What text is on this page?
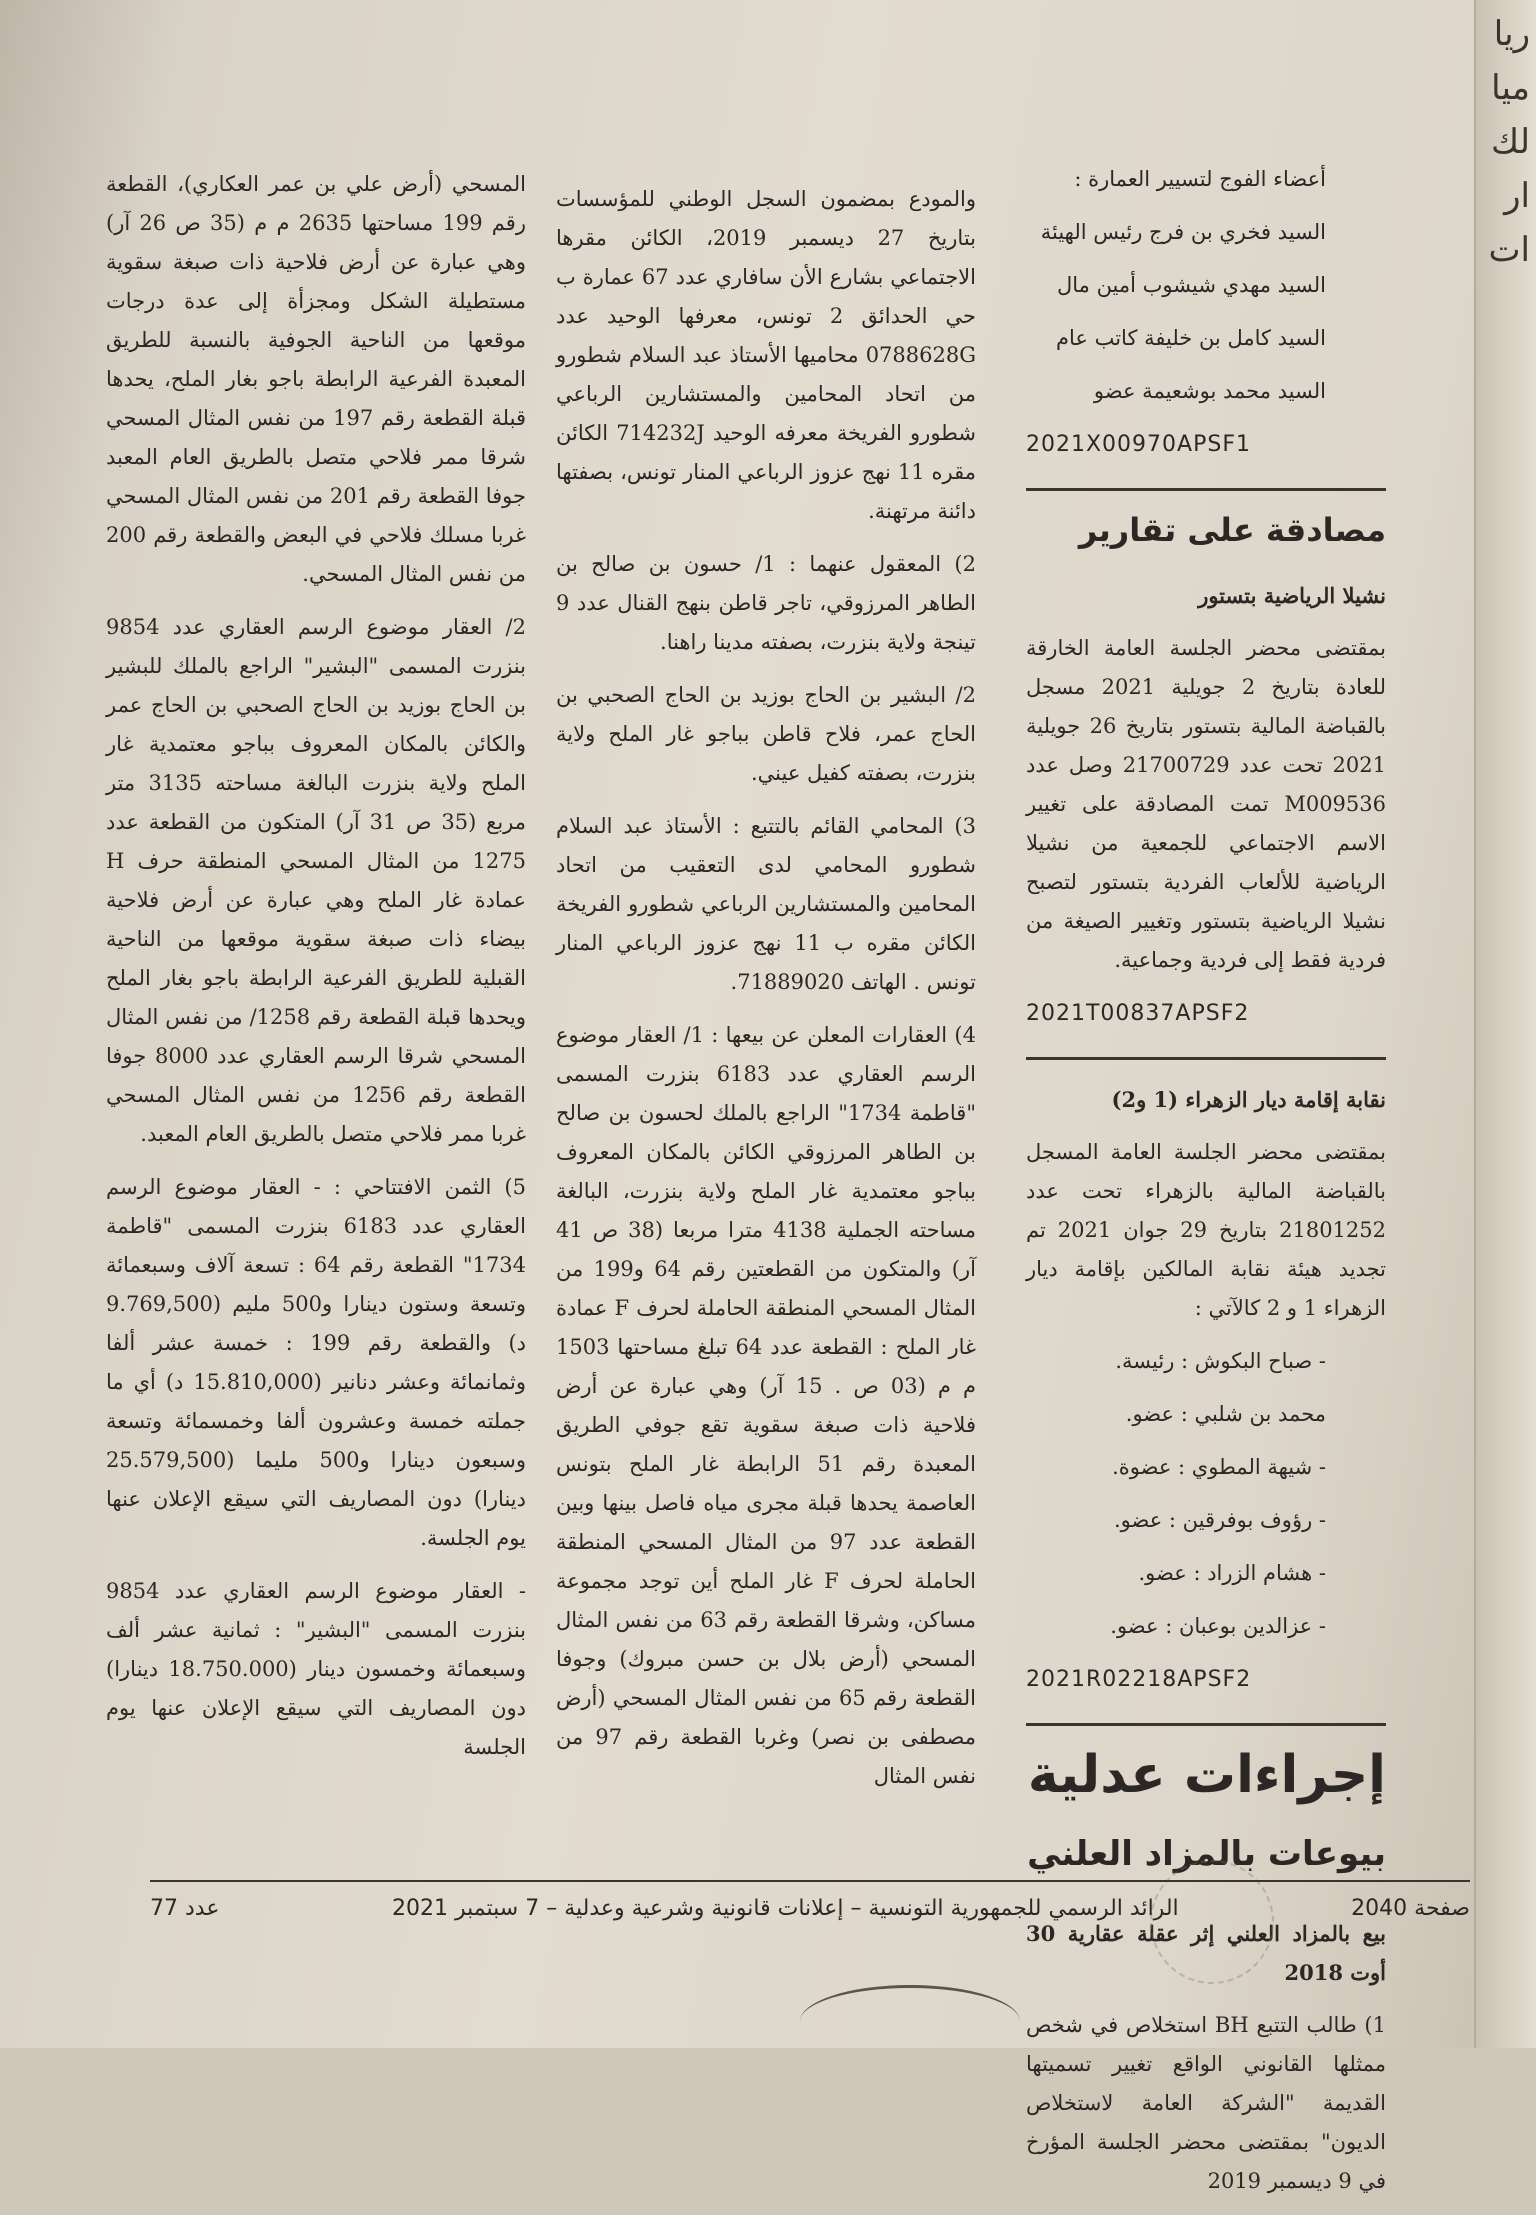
ريا
ميا
لك
ار
ات

أعضاء الفوج لتسيير العمارة :

السيد فخري بن فرج رئيس الهيئة

السيد مهدي شيشوب أمين مال

السيد كامل بن خليفة كاتب عام

السيد محمد بوشعيمة عضو

2021X00970APSF1
مصادقة على تقارير

نشيلا الرياضية بتستور

بمقتضى محضر الجلسة العامة الخارقة للعادة بتاريخ 2 جويلية 2021 مسجل بالقباضة المالية بتستور بتاريخ 26 جويلية 2021 تحت عدد 21700729 وصل عدد M009536 تمت المصادقة على تغيير الاسم الاجتماعي للجمعية من نشيلا الرياضية للألعاب الفردية بتستور لتصبح نشيلا الرياضية بتستور وتغيير الصيغة من فردية فقط إلى فردية وجماعية.

2021T00837APSF2

نقابة إقامة ديار الزهراء (1 و2)

بمقتضى محضر الجلسة العامة المسجل بالقباضة المالية بالزهراء تحت عدد 21801252 بتاريخ 29 جوان 2021 تم تجديد هيئة نقابة المالكين بإقامة ديار الزهراء 1 و 2 كالآتي :

- صباح البكوش : رئيسة.

محمد بن شلبي : عضو.

- شيهة المطوي : عضوة.

- رؤوف بوفرقين : عضو.

- هشام الزراد : عضو.

- عزالدين بوعبان : عضو.

2021R02218APSF2
إجراءات عدلية
بيوعات بالمزاد العلني

بيع بالمزاد العلني إثر عقلة عقارية 30 أوت 2018

1) طالب التتبع BH استخلاص في شخص ممثلها القانوني الواقع تغيير تسميتها القديمة "الشركة العامة لاستخلاص الديون" بمقتضى محضر الجلسة المؤرخ في 9 ديسمبر 2019

والمودع بمضمون السجل الوطني للمؤسسات بتاريخ 27 ديسمبر 2019، الكائن مقرها الاجتماعي بشارع الأن سافاري عدد 67 عمارة ب حي الحدائق 2 تونس، معرفها الوحيد عدد 0788628G محاميها الأستاذ عبد السلام شطورو من اتحاد المحامين والمستشارين الرباعي شطورو الفريخة معرفه الوحيد 714232J الكائن مقره 11 نهج عزوز الرباعي المنار تونس، بصفتها دائنة مرتهنة.

2) المعقول عنهما : 1/ حسون بن صالح بن الطاهر المرزوقي، تاجر قاطن بنهج القنال عدد 9 تينجة ولاية بنزرت، بصفته مدينا راهنا.

2/ البشير بن الحاج بوزيد بن الحاج الصحبي بن الحاج عمر، فلاح قاطن بباجو غار الملح ولاية بنزرت، بصفته كفيل عيني.

3) المحامي القائم بالتتبع : الأستاذ عبد السلام شطورو المحامي لدى التعقيب من اتحاد المحامين والمستشارين الرباعي شطورو الفريخة الكائن مقره ب 11 نهج عزوز الرباعي المنار تونس . الهاتف 71889020.

4) العقارات المعلن عن بيعها : 1/ العقار موضوع الرسم العقاري عدد 6183 بنزرت المسمى "قاطمة 1734" الراجع بالملك لحسون بن صالح بن الطاهر المرزوقي الكائن بالمكان المعروف بباجو معتمدية غار الملح ولاية بنزرت، البالغة مساحته الجملية 4138 مترا مربعا (38 ص 41 آر) والمتكون من القطعتين رقم 64 و199 من المثال المسحي المنطقة الحاملة لحرف F عمادة غار الملح : القطعة عدد 64 تبلغ مساحتها 1503 م م (03 ص . 15 آر) وهي عبارة عن أرض فلاحية ذات صبغة سقوية تقع جوفي الطريق المعبدة رقم 51 الرابطة غار الملح بتونس العاصمة يحدها قبلة مجرى مياه فاصل بينها وبين القطعة عدد 97 من المثال المسحي المنطقة الحاملة لحرف F غار الملح أين توجد مجموعة مساكن، وشرقا القطعة رقم 63 من نفس المثال المسحي (أرض بلال بن حسن مبروك) وجوفا القطعة رقم 65 من نفس المثال المسحي (أرض مصطفى بن نصر) وغربا القطعة رقم 97 من نفس المثال

المسحي (أرض علي بن عمر العكاري)، القطعة رقم 199 مساحتها 2635 م م (35 ص 26 آر) وهي عبارة عن أرض فلاحية ذات صبغة سقوية مستطيلة الشكل ومجزأة إلى عدة درجات موقعها من الناحية الجوفية بالنسبة للطريق المعبدة الفرعية الرابطة باجو بغار الملح، يحدها قبلة القطعة رقم 197 من نفس المثال المسحي شرقا ممر فلاحي متصل بالطريق العام المعبد جوفا القطعة رقم 201 من نفس المثال المسحي غربا مسلك فلاحي في البعض والقطعة رقم 200 من نفس المثال المسحي.

2/ العقار موضوع الرسم العقاري عدد 9854 بنزرت المسمى "البشير" الراجع بالملك للبشير بن الحاج بوزيد بن الحاج الصحبي بن الحاج عمر والكائن بالمكان المعروف بباجو معتمدية غار الملح ولاية بنزرت البالغة مساحته 3135 متر مربع (35 ص 31 آر) المتكون من القطعة عدد 1275 من المثال المسحي المنطقة حرف H عمادة غار الملح وهي عبارة عن أرض فلاحية بيضاء ذات صبغة سقوية موقعها من الناحية القبلية للطريق الفرعية الرابطة باجو بغار الملح ويحدها قبلة القطعة رقم 1258/ من نفس المثال المسحي شرقا الرسم العقاري عدد 8000 جوفا القطعة رقم 1256 من نفس المثال المسحي غربا ممر فلاحي متصل بالطريق العام المعبد.

5) الثمن الافتتاحي : - العقار موضوع الرسم العقاري عدد 6183 بنزرت المسمى "قاطمة 1734" القطعة رقم 64 : تسعة آلاف وسبعمائة وتسعة وستون دينارا و500 مليم (9.769,500 د) والقطعة رقم 199 : خمسة عشر ألفا وثمانمائة وعشر دنانير (15.810,000 د) أي ما جملته خمسة وعشرون ألفا وخمسمائة وتسعة وسبعون دينارا و500 مليما (25.579,500 دينارا) دون المصاريف التي سيقع الإعلان عنها يوم الجلسة.

- العقار موضوع الرسم العقاري عدد 9854 بنزرت المسمى "البشير" : ثمانية عشر ألف وسبعمائة وخمسون دينار (18.750.000 دينارا) دون المصاريف التي سيقع الإعلان عنها يوم الجلسة

عدد 77	الرائد الرسمي للجمهورية التونسية – إعلانات قانونية وشرعية وعدلية – 7 سبتمبر 2021	صفحة 2040
